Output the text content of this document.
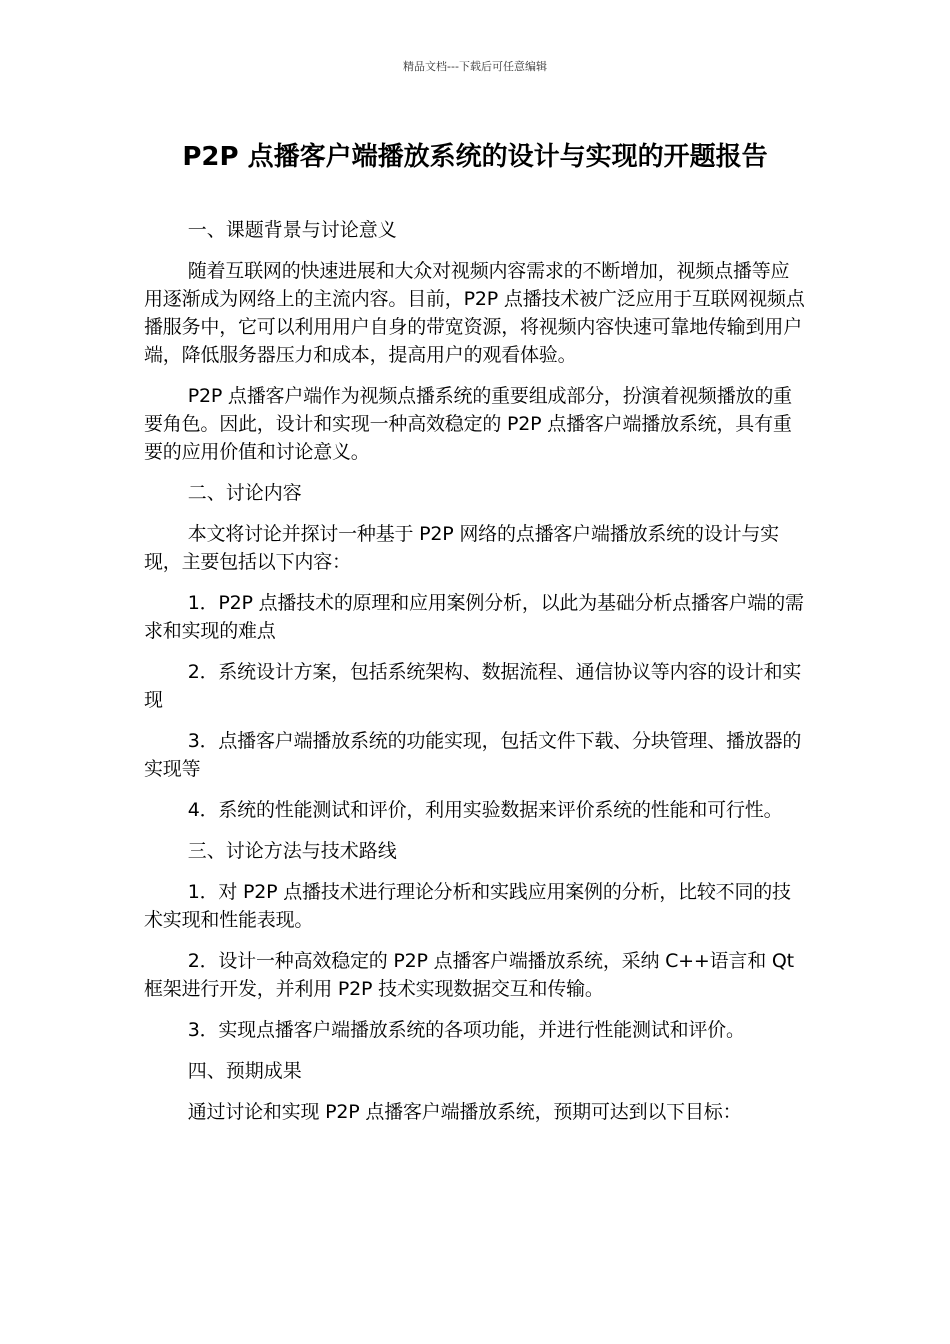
精品文档---下载后可任意编辑
P2P 点播客户端播放系统的设计与实现的开题报告

一、课题背景与讨论意义

随着互联网的快速进展和大众对视频内容需求的不断增加，视频点播等应用逐渐成为网络上的主流内容。目前，P2P 点播技术被广泛应用于互联网视频点播服务中，它可以利用用户自身的带宽资源，将视频内容快速可靠地传输到用户端，降低服务器压力和成本，提高用户的观看体验。

P2P 点播客户端作为视频点播系统的重要组成部分，扮演着视频播放的重要角色。因此，设计和实现一种高效稳定的 P2P 点播客户端播放系统，具有重要的应用价值和讨论意义。

二、讨论内容

本文将讨论并探讨一种基于 P2P 网络的点播客户端播放系统的设计与实现，主要包括以下内容：

1．P2P 点播技术的原理和应用案例分析，以此为基础分析点播客户端的需求和实现的难点

2．系统设计方案，包括系统架构、数据流程、通信协议等内容的设计和实现

3．点播客户端播放系统的功能实现，包括文件下载、分块管理、播放器的实现等

4．系统的性能测试和评价，利用实验数据来评价系统的性能和可行性。

三、讨论方法与技术路线

1．对 P2P 点播技术进行理论分析和实践应用案例的分析，比较不同的技术实现和性能表现。

2．设计一种高效稳定的 P2P 点播客户端播放系统，采纳 C++语言和 Qt 框架进行开发，并利用 P2P 技术实现数据交互和传输。

3．实现点播客户端播放系统的各项功能，并进行性能测试和评价。

四、预期成果

通过讨论和实现 P2P 点播客户端播放系统，预期可达到以下目标：
